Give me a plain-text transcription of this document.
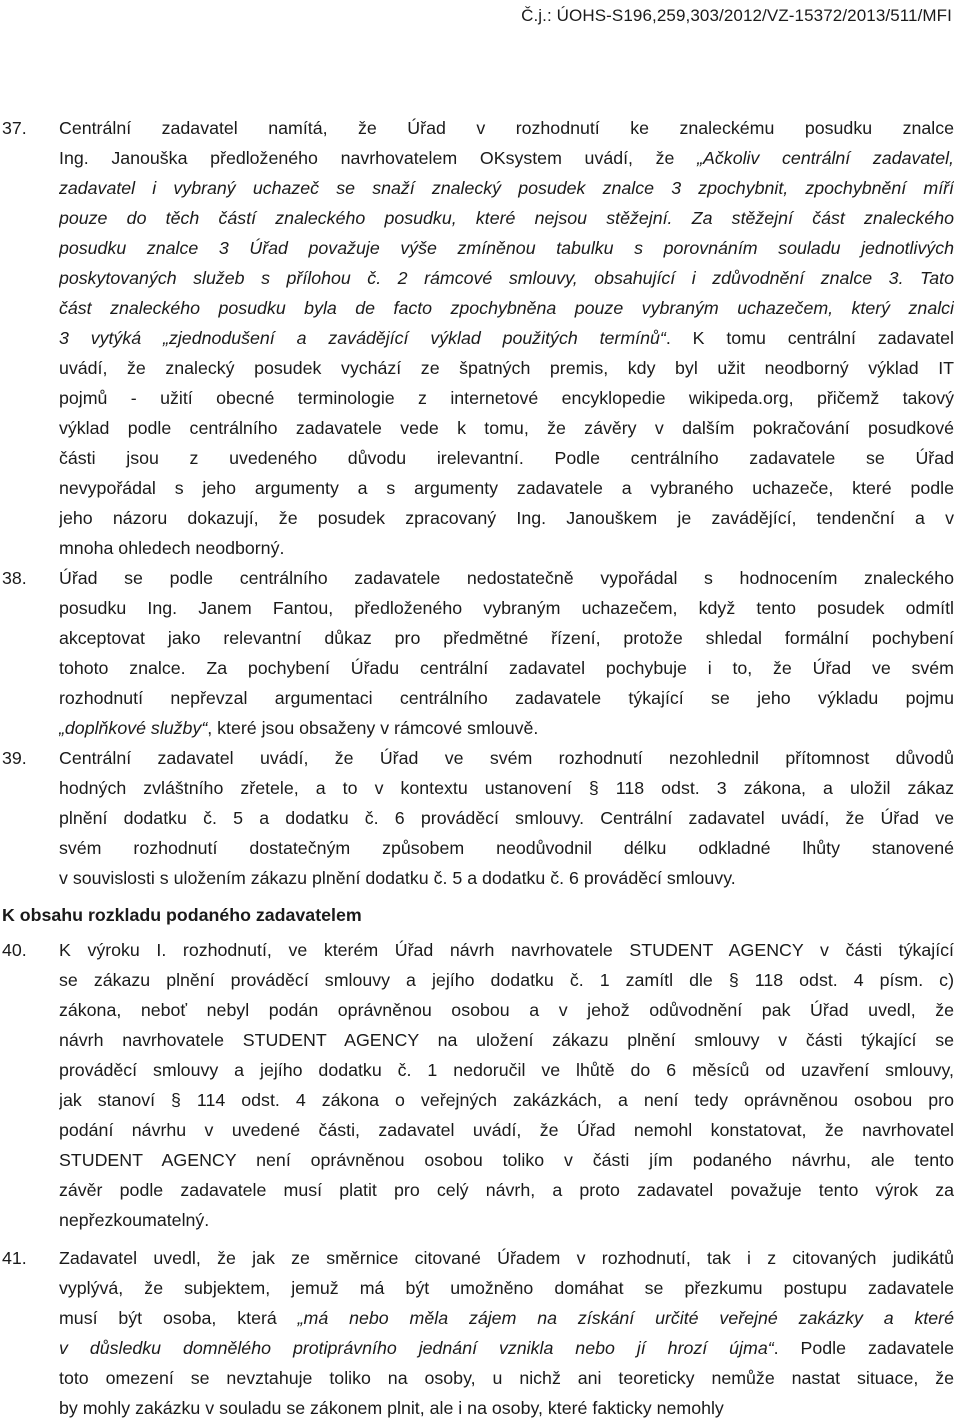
Č.j.: ÚOHS-S196,259,303/2012/VZ-15372/2013/511/MFI
K obsahu rozkladu podaného zadavatelem
37. Centrální zadavatel namítá, že Úřad v rozhodnutí ke znaleckému posudku znalce
Ing. Janouška předloženého navrhovatelem OKsystem uvádí, že „Ačkoliv centrální zadavatel,
zadavatel i vybraný uchazeč se snaží znalecký posudek znalce 3 zpochybnit, zpochybnění míří
pouze do těch částí znaleckého posudku, které nejsou stěžejní. Za stěžejní část znaleckého
posudku znalce 3 Úřad považuje výše zmíněnou tabulku s porovnáním souladu jednotlivých
poskytovaných služeb s přílohou č. 2 rámcové smlouvy, obsahující i zdůvodnění znalce 3. Tato
část znaleckého posudku byla de facto zpochybněna pouze vybraným uchazečem, který znalci
3 vytýká „zjednodušení a zavádějící výklad použitých termínů“. K tomu centrální zadavatel
uvádí, že znalecký posudek vychází ze špatných premis, kdy byl užit neodborný výklad IT
pojmů - užití obecné terminologie z internetové encyklopedie wikipeda.org, přičemž takový
výklad podle centrálního zadavatele vede k tomu, že závěry v dalším pokračování posudkové
části jsou z uvedeného důvodu irelevantní. Podle centrálního zadavatele se Úřad
nevypořádal s jeho argumenty a s argumenty zadavatele a vybraného uchazeče, které podle
jeho názoru dokazují, že posudek zpracovaný Ing. Janouškem je zavádějící, tendenční a v
mnoha ohledech neodborný.
38. Úřad se podle centrálního zadavatele nedostatečně vypořádal s hodnocením znaleckého
posudku Ing. Janem Fantou, předloženého vybraným uchazečem, když tento posudek odmítl
akceptovat jako relevantní důkaz pro předmětné řízení, protože shledal formální pochybení
tohoto znalce. Za pochybení Úřadu centrální zadavatel pochybuje i to, že Úřad ve svém
rozhodnutí nepřevzal argumentaci centrálního zadavatele týkající se jeho výkladu pojmu
„doplňkové služby“, které jsou obsaženy v rámcové smlouvě.
39. Centrální zadavatel uvádí, že Úřad ve svém rozhodnutí nezohlednil přítomnost důvodů
hodných zvláštního zřetele, a to v kontextu ustanovení § 118 odst. 3 zákona, a uložil zákaz
plnění dodatku č. 5 a dodatku č. 6 prováděcí smlouvy. Centrální zadavatel uvádí, že Úřad ve
svém rozhodnutí dostatečným způsobem neodůvodnil délku odkladné lhůty stanovené
v souvislosti s uložením zákazu plnění dodatku č. 5 a dodatku č. 6 prováděcí smlouvy.
40. K výroku I. rozhodnutí, ve kterém Úřad návrh navrhovatele STUDENT AGENCY v části týkající
se zákazu plnění prováděcí smlouvy a jejího dodatku č. 1 zamítl dle § 118 odst. 4 písm. c)
zákona, neboť nebyl podán oprávněnou osobou a v jehož odůvodnění pak Úřad uvedl, že
návrh navrhovatele STUDENT AGENCY na uložení zákazu plnění smlouvy v části týkající se
prováděcí smlouvy a jejího dodatku č. 1 nedoručil ve lhůtě do 6 měsíců od uzavření smlouvy,
jak stanoví § 114 odst. 4 zákona o veřejných zakázkách, a není tedy oprávněnou osobou pro
podání návrhu v uvedené části, zadavatel uvádí, že Úřad nemohl konstatovat, že navrhovatel
STUDENT AGENCY není oprávněnou osobou toliko v části jím podaného návrhu, ale tento
závěr podle zadavatele musí platit pro celý návrh, a proto zadavatel považuje tento výrok za
nepřezkoumatelný.
41. Zadavatel uvedl, že jak ze směrnice citované Úřadem v rozhodnutí, tak i z citovaných judikátů
vyplývá, že subjektem, jemuž má být umožněno domáhat se přezkumu postupu zadavatele
musí být osoba, která „má nebo měla zájem na získání určité veřejné zakázky a které
v důsledku domnělého protiprávního jednání vznikla nebo jí hrozí újma“. Podle zadavatele
toto omezení se nevztahuje toliko na osoby, u nichž ani teoreticky nemůže nastat situace, že
by mohly zakázku v souladu se zákonem plnit, ale i na osoby, které fakticky nemohly
